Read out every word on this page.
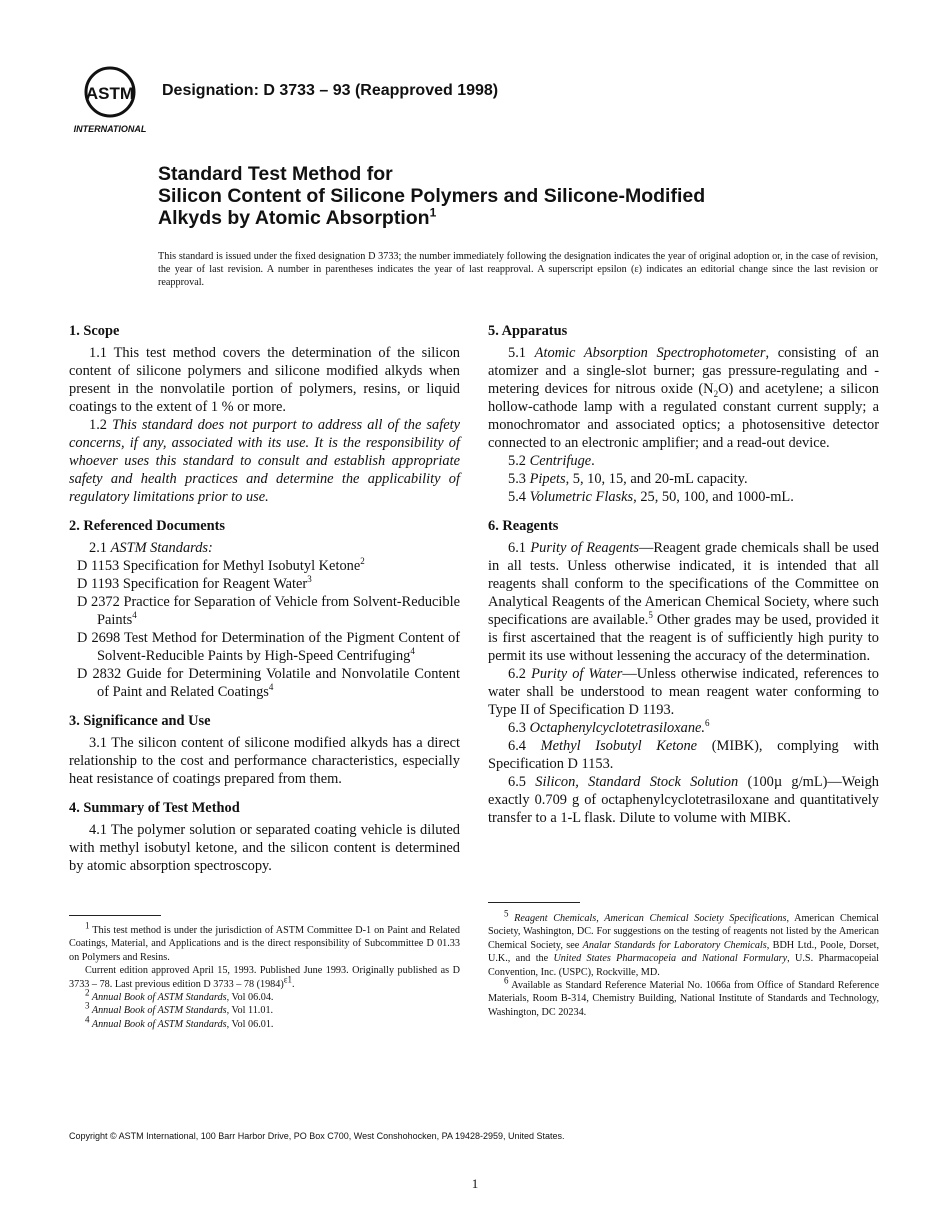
ASTM
INTERNATIONAL
Designation: D 3733 – 93 (Reapproved 1998)
Standard Test Method for
Silicon Content of Silicone Polymers and Silicone-Modified
Alkyds by Atomic Absorption$^1$
This standard is issued under the fixed designation D 3733; the number immediately following the designation indicates the year of original adoption or, in the case of revision, the year of last revision. A number in parentheses indicates the year of last reapproval. A superscript epsilon (ε) indicates an editorial change since the last revision or reapproval.
1. Scope

1.1 This test method covers the determination of the silicon content of silicone polymers and silicone modified alkyds when present in the nonvolatile portion of polymers, resins, or liquid coatings to the extent of 1 % or more.

1.2 This standard does not purport to address all of the safety concerns, if any, associated with its use. It is the responsibility of whoever uses this standard to consult and establish appropriate safety and health practices and determine the applicability of regulatory limitations prior to use.

2. Referenced Documents

2.1 ASTM Standards:

D 1153 Specification for Methyl Isobutyl Ketone$^2$

D 1193 Specification for Reagent Water$^3$

D 2372 Practice for Separation of Vehicle from Solvent-Reducible Paints$^4$

D 2698 Test Method for Determination of the Pigment Content of Solvent-Reducible Paints by High-Speed Centrifuging$^4$

D 2832 Guide for Determining Volatile and Nonvolatile Content of Paint and Related Coatings$^4$

3. Significance and Use

3.1 The silicon content of silicone modified alkyds has a direct relationship to the cost and performance characteristics, especially heat resistance of coatings prepared from them.

4. Summary of Test Method

4.1 The polymer solution or separated coating vehicle is diluted with methyl isobutyl ketone, and the silicon content is determined by atomic absorption spectroscopy.

5. Apparatus

5.1 Atomic Absorption Spectrophotometer, consisting of an atomizer and a single-slot burner; gas pressure-regulating and -metering devices for nitrous oxide $(N_2O)$ and acetylene; a silicon hollow-cathode lamp with a regulated constant current supply; a monochromator and associated optics; a photosensitive detector connected to an electronic amplifier; and a read-out device.

5.2 Centrifuge.

5.3 Pipets, 5, 10, 15, and 20-mL capacity.

5.4 Volumetric Flasks, 25, 50, 100, and 1000-mL.

6. Reagents

6.1 Purity of Reagents—Reagent grade chemicals shall be used in all tests. Unless otherwise indicated, it is intended that all reagents shall conform to the specifications of the Committee on Analytical Reagents of the American Chemical Society, where such specifications are available.$^5$ Other grades may be used, provided it is first ascertained that the reagent is of sufficiently high purity to permit its use without lessening the accuracy of the determination.

6.2 Purity of Water—Unless otherwise indicated, references to water shall be understood to mean reagent water conforming to Type II of Specification D 1193.

6.3 Octaphenylcyclotetrasiloxane.$^6$

6.4 Methyl Isobutyl Ketone (MIBK), complying with Specification D 1153.

6.5 Silicon, Standard Stock Solution (100µ g/mL)—Weigh exactly 0.709 g of octaphenylcyclotetrasiloxane and quantitatively transfer to a 1-L flask. Dilute to volume with MIBK.

$^1$ This test method is under the jurisdiction of ASTM Committee D-1 on Paint and Related Coatings, Material, and Applications and is the direct responsibility of Subcommittee D 01.33 on Polymers and Resins.

Current edition approved April 15, 1993. Published June 1993. Originally published as D 3733 – 78. Last previous edition D 3733 – 78 $(1984)^{\varepsilon 1}$.

$^2$ Annual Book of ASTM Standards, Vol 06.04.

$^3$ Annual Book of ASTM Standards, Vol 11.01.

$^4$ Annual Book of ASTM Standards, Vol 06.01.

$^5$ Reagent Chemicals, American Chemical Society Specifications, American Chemical Society, Washington, DC. For suggestions on the testing of reagents not listed by the American Chemical Society, see Analar Standards for Laboratory Chemicals, BDH Ltd., Poole, Dorset, U.K., and the United States Pharmacopeia and National Formulary, U.S. Pharmacopeial Convention, Inc. (USPC), Rockville, MD.

$^6$ Available as Standard Reference Material No. 1066a from Office of Standard Reference Materials, Room B-314, Chemistry Building, National Institute of Standards and Technology, Washington, DC 20234.

Copyright © ASTM International, 100 Barr Harbor Drive, PO Box C700, West Conshohocken, PA 19428-2959, United States.
1
